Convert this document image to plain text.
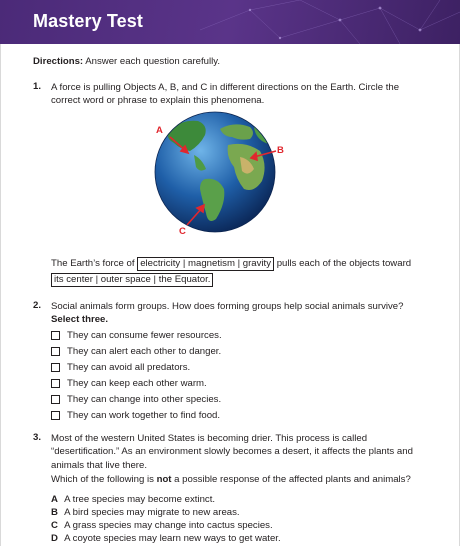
Mastery Test
Directions: Answer each question carefully.
1. A force is pulling Objects A, B, and C in different directions on the Earth. Circle the
correct word or phrase to explain this phenomena.
A
B
C
The Earth’s force of electricity | magnetism | gravity pulls each of the objects toward
its center | outer space | the Equator.
2. Social animals form groups. How does forming groups help social animals survive?
Select three.
They can consume fewer resources.
They can alert each other to danger.
They can avoid all predators.
They can keep each other warm.
They can change into other species.
They can work together to find food.
3. Most of the western United States is becoming drier. This process is called
“desertification.” As an environment slowly becomes a desert, it affects the plants and
animals that live there.
Which of the following is not a possible response of the affected plants and animals?
A A tree species may become extinct.
B A bird species may migrate to new areas.
C A grass species may change into cactus species.
D A coyote species may learn new ways to get water.
